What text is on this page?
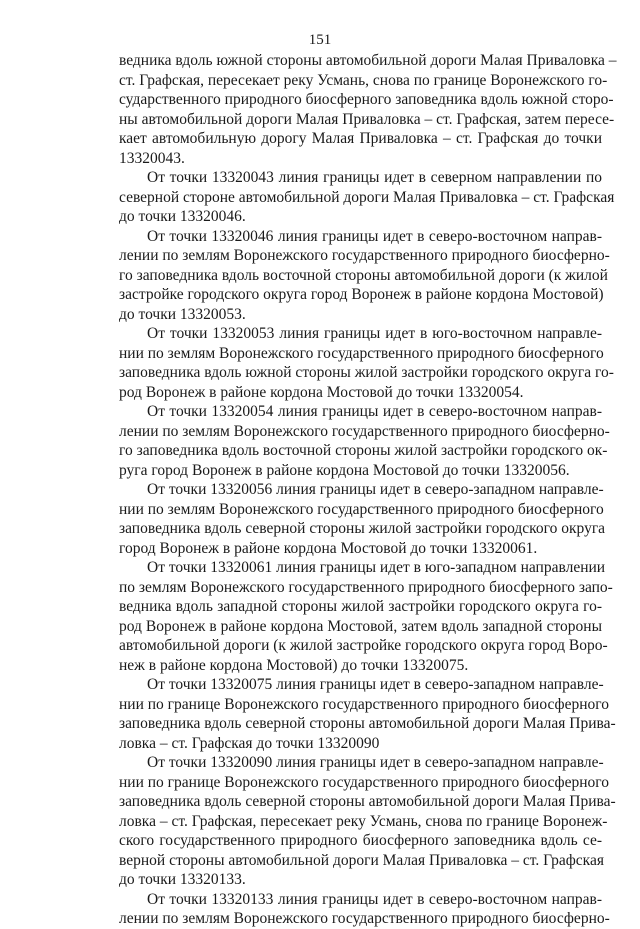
151
ведника вдоль южной стороны автомобильной дороги Малая Приваловка –
ст. Графская, пересекает реку Усмань, снова по границе Воронежского го-
сударственного природного биосферного заповедника вдоль южной сторо-
ны автомобильной дороги Малая Приваловка – ст. Графская, затем пересе-
кает автомобильную дорогу Малая Приваловка – ст. Графская до точки
13320043.
От точки 13320043 линия границы идет в северном направлении по
северной стороне автомобильной дороги Малая Приваловка – ст. Графская
до точки 13320046.
От точки 13320046 линия границы идет в северо-восточном направ-
лении по землям Воронежского государственного природного биосферно-
го заповедника вдоль восточной стороны автомобильной дороги (к жилой
застройке городского округа город Воронеж в районе кордона Мостовой)
до точки 13320053.
От точки 13320053 линия границы идет в юго-восточном направле-
нии по землям Воронежского государственного природного биосферного
заповедника вдоль южной стороны жилой застройки городского округа го-
род Воронеж в районе кордона Мостовой до точки 13320054.
От точки 13320054 линия границы идет в северо-восточном направ-
лении по землям Воронежского государственного природного биосферно-
го заповедника вдоль восточной стороны жилой застройки городского ок-
руга город Воронеж в районе кордона Мостовой до точки 13320056.
От точки 13320056 линия границы идет в северо-западном направле-
нии по землям Воронежского государственного природного биосферного
заповедника вдоль северной стороны жилой застройки городского округа
город Воронеж в районе кордона Мостовой до точки 13320061.
От точки 13320061 линия границы идет в юго-западном направлении
по землям Воронежского государственного природного биосферного запо-
ведника вдоль западной стороны жилой застройки городского округа го-
род Воронеж в районе кордона Мостовой, затем вдоль западной стороны
автомобильной дороги (к жилой застройке городского округа город Воро-
неж в районе кордона Мостовой) до точки 13320075.
От точки 13320075 линия границы идет в северо-западном направле-
нии по границе Воронежского государственного природного биосферного
заповедника вдоль северной стороны автомобильной дороги Малая Прива-
ловка – ст. Графская до точки 13320090
От точки 13320090 линия границы идет в северо-западном направле-
нии по границе Воронежского государственного природного биосферного
заповедника вдоль северной стороны автомобильной дороги Малая Прива-
ловка – ст. Графская, пересекает реку Усмань, снова по границе Воронеж-
ского государственного природного биосферного заповедника вдоль се-
верной стороны автомобильной дороги Малая Приваловка – ст. Графская
до точки 13320133.
От точки 13320133 линия границы идет в северо-восточном направ-
лении по землям Воронежского государственного природного биосферно-
